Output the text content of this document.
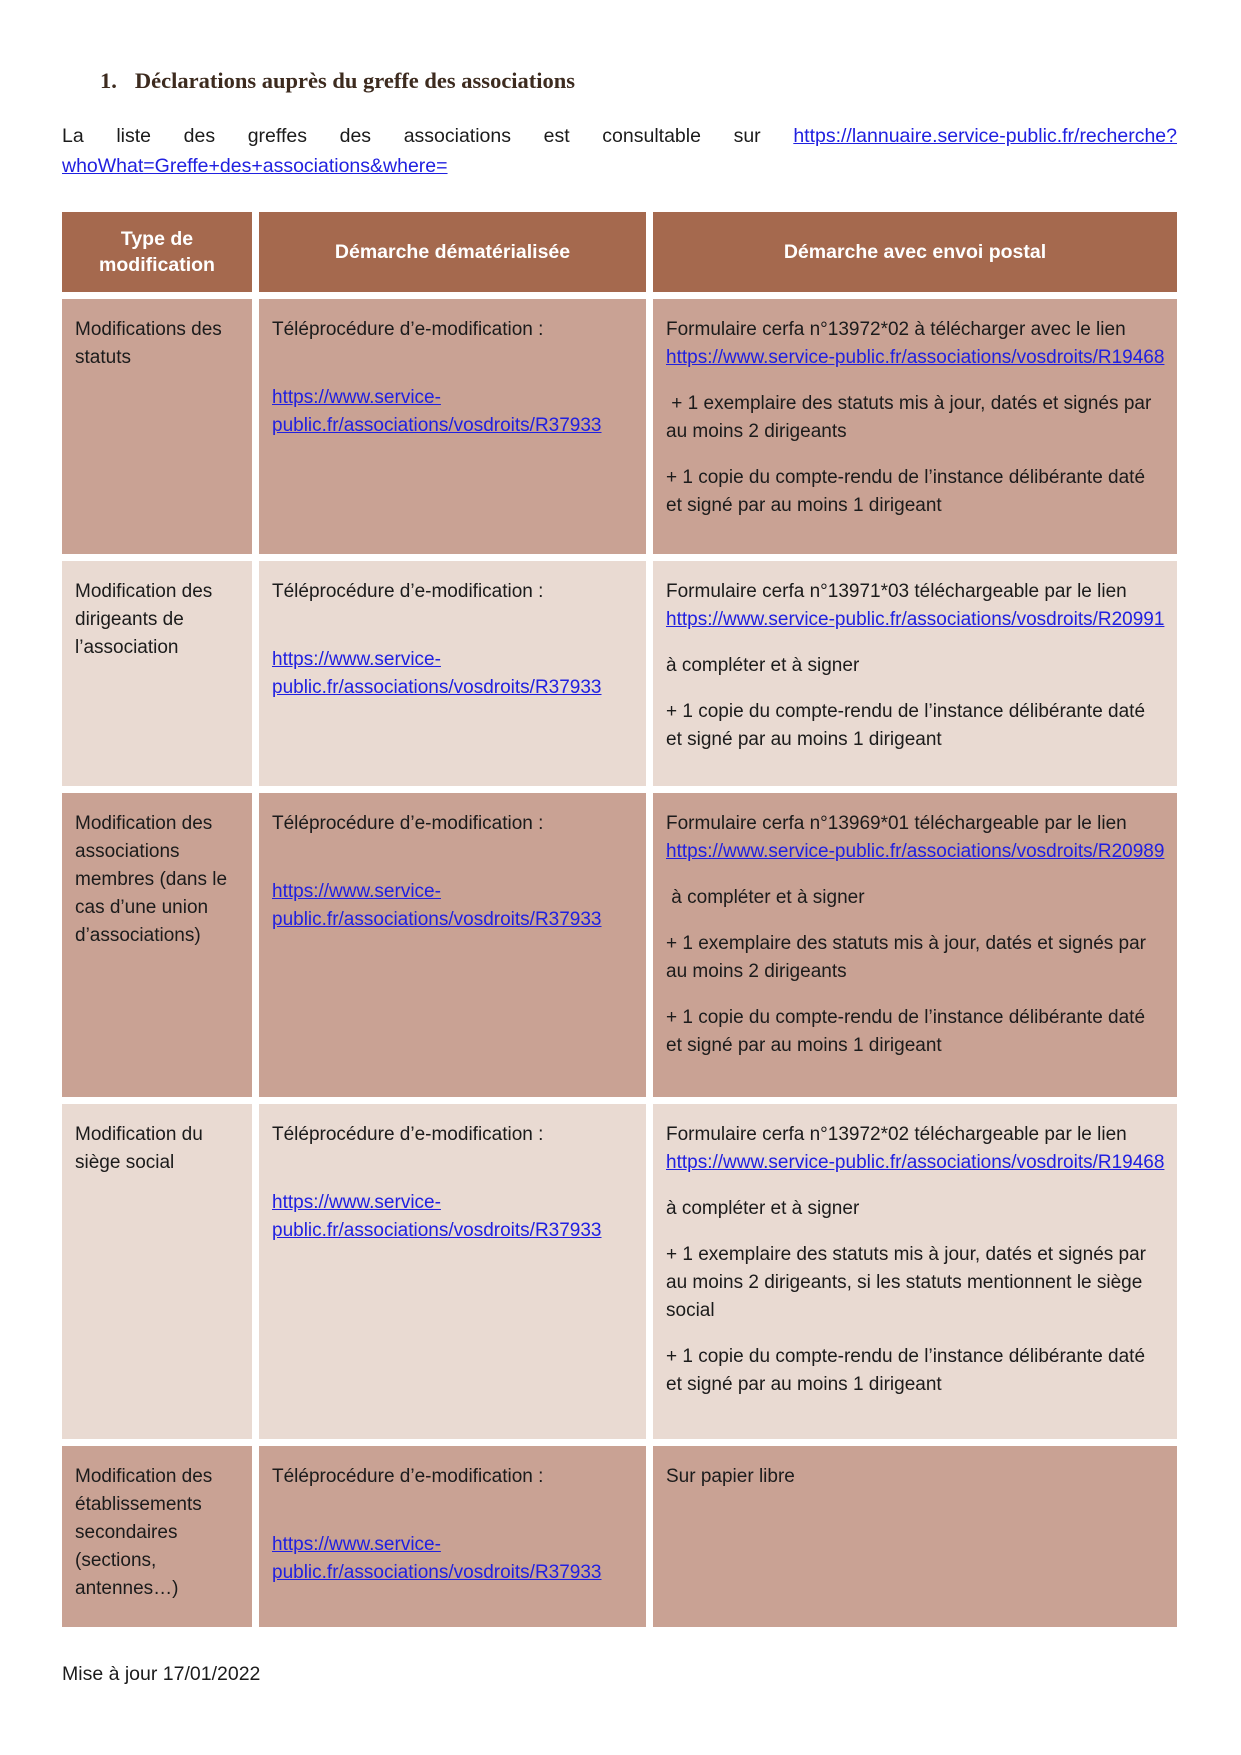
1. Déclarations auprès du greffe des associations

La liste des greffes des associations est consultable sur https://lannuaire.service-public.fr/recherche?whoWhat=Greffe+des+associations&where=

Type de modification
Démarche dématérialisée	Démarche avec envoi postal

Modifications des statuts

Téléprocédure d’e-modification :

https://www.service-public.fr/associations/vosdroits/R37933

Formulaire cerfa n°13972*02 à télécharger avec le lien https://www.service-public.fr/associations/vosdroits/R19468

+ 1 exemplaire des statuts mis à jour, datés et signés par au moins 2 dirigeants

+ 1 copie du compte-rendu de l’instance délibérante daté et signé par au moins 1 dirigeant

Modification des dirigeants de l’association

Téléprocédure d’e-modification :

https://www.service-public.fr/associations/vosdroits/R37933

Formulaire cerfa n°13971*03 téléchargeable par le lien https://www.service-public.fr/associations/vosdroits/R20991

à compléter et à signer

+ 1 copie du compte-rendu de l’instance délibérante daté et signé par au moins 1 dirigeant

Modification des associations membres (dans le cas d’une union d’associations)

Téléprocédure d’e-modification :

https://www.service-public.fr/associations/vosdroits/R37933

Formulaire cerfa n°13969*01 téléchargeable par le lien https://www.service-public.fr/associations/vosdroits/R20989

à compléter et à signer

+ 1 exemplaire des statuts mis à jour, datés et signés par au moins 2 dirigeants

+ 1 copie du compte-rendu de l’instance délibérante daté et signé par au moins 1 dirigeant

Modification du siège social

Téléprocédure d’e-modification :

https://www.service-public.fr/associations/vosdroits/R37933

Formulaire cerfa n°13972*02 téléchargeable par le lien https://www.service-public.fr/associations/vosdroits/R19468

à compléter et à signer

+ 1 exemplaire des statuts mis à jour, datés et signés par au moins 2 dirigeants, si les statuts mentionnent le siège social

+ 1 copie du compte-rendu de l’instance délibérante daté et signé par au moins 1 dirigeant

Modification des établissements secondaires (sections, antennes…)

Téléprocédure d’e-modification :

https://www.service-public.fr/associations/vosdroits/R37933

Sur papier libre

Mise à jour 17/01/2022
